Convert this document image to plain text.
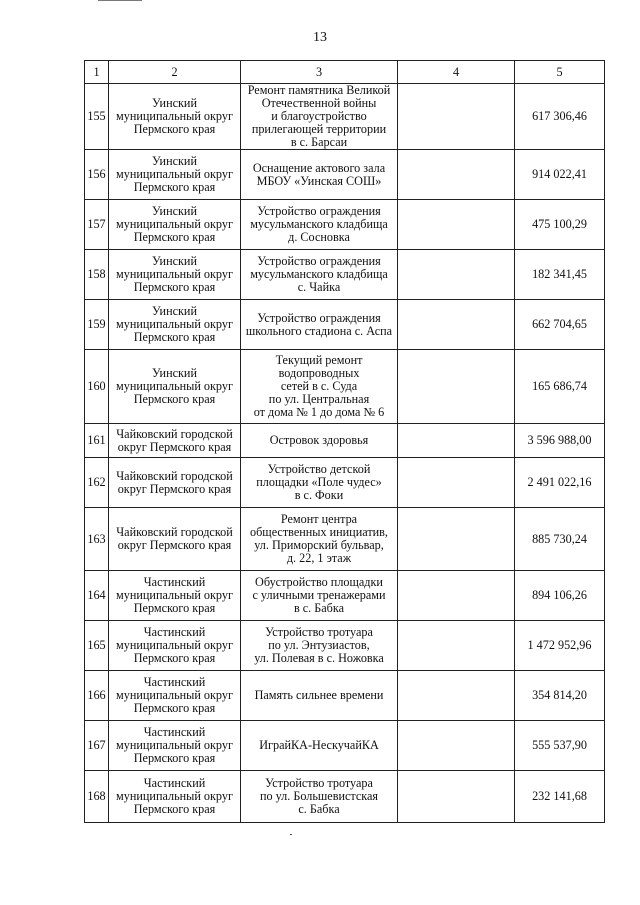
13
1	2	3	4	5
155	Уинский
муниципальный округ
Пермского края	Ремонт памятника Великой
Отечественной войны
и благоустройство
прилегающей территории
в с. Барсаи		617 306,46
156	Уинский
муниципальный округ
Пермского края	Оснащение актового зала
МБОУ «Уинская СОШ»		914 022,41
157	Уинский
муниципальный округ
Пермского края	Устройство ограждения
мусульманского кладбища
д. Сосновка		475 100,29
158	Уинский
муниципальный округ
Пермского края	Устройство ограждения
мусульманского кладбища
с. Чайка		182 341,45
159	Уинский
муниципальный округ
Пермского края	Устройство ограждения
школьного стадиона с. Аспа		662 704,65
160	Уинский
муниципальный округ
Пермского края	Текущий ремонт
водопроводных
сетей в с. Суда
по ул. Центральная
от дома № 1 до дома № 6		165 686,74
161	Чайковский городской
округ Пермского края	Островок здоровья		3 596 988,00
162	Чайковский городской
округ Пермского края	Устройство детской
площадки «Поле чудес»
в с. Фоки		2 491 022,16
163	Чайковский городской
округ Пермского края	Ремонт центра
общественных инициатив,
ул. Приморский бульвар,
д. 22, 1 этаж		885 730,24
164	Частинский
муниципальный округ
Пермского края	Обустройство площадки
с уличными тренажерами
в с. Бабка		894 106,26
165	Частинский
муниципальный округ
Пермского края	Устройство тротуара
по ул. Энтузиастов,
ул. Полевая в с. Ножовка		1 472 952,96
166	Частинский
муниципальный округ
Пермского края	Память сильнее времени		354 814,20
167	Частинский
муниципальный округ
Пермского края	ИграйКА-НескучайКА		555 537,90
168	Частинский
муниципальный округ
Пермского края	Устройство тротуара
по ул. Большевистская
с. Бабка		232 141,68
